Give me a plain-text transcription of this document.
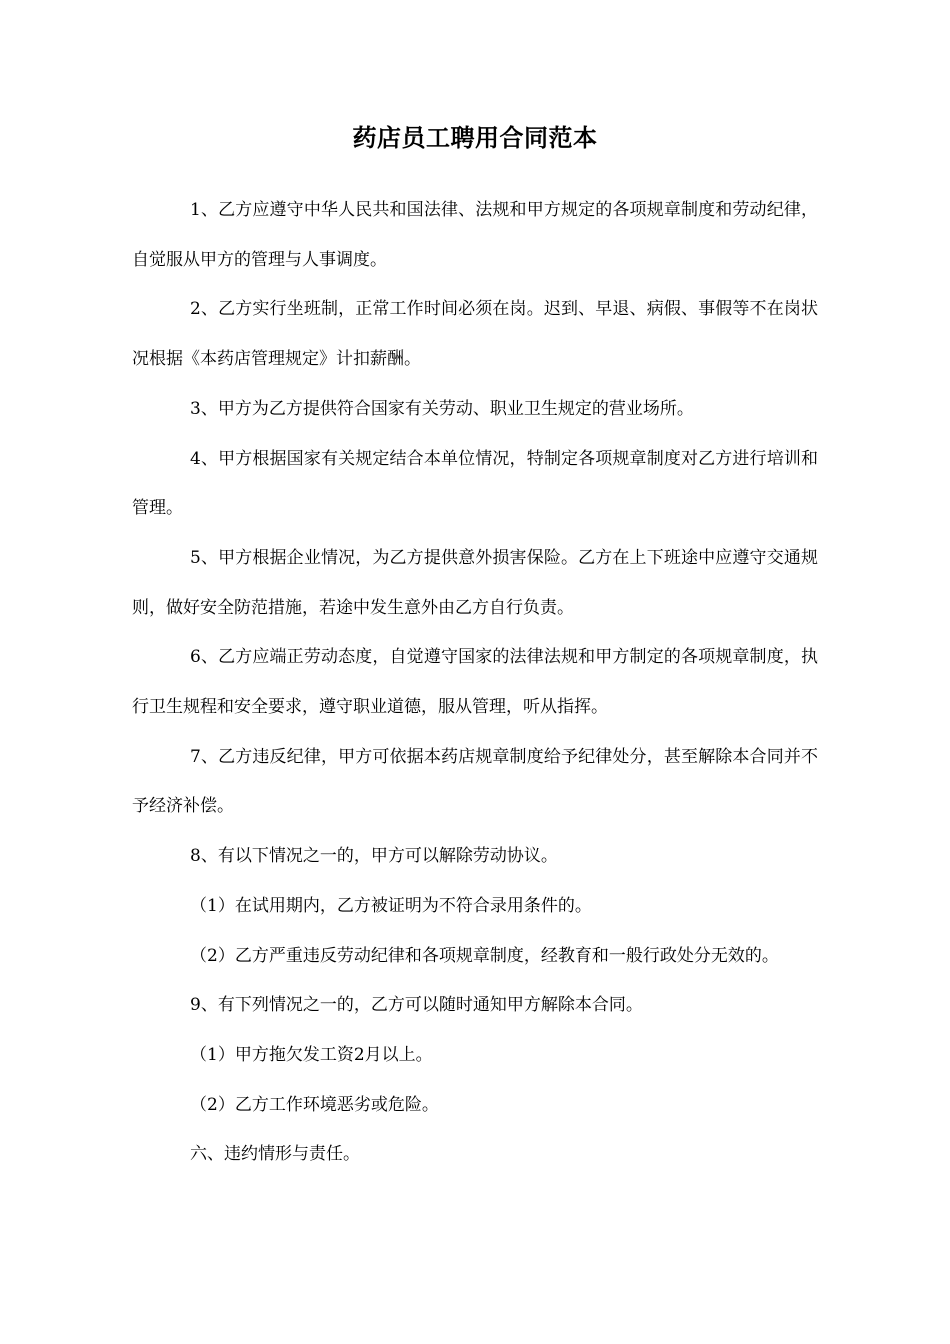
药店员工聘用合同范本

1、乙方应遵守中华人民共和国法律、法规和甲方规定的各项规章制度和劳动纪律，自觉服从甲方的管理与人事调度。

2、乙方实行坐班制，正常工作时间必须在岗。迟到、早退、病假、事假等不在岗状况根据《本药店管理规定》计扣薪酬。

3、甲方为乙方提供符合国家有关劳动、职业卫生规定的营业场所。

4、甲方根据国家有关规定结合本单位情况，特制定各项规章制度对乙方进行培训和管理。

5、甲方根据企业情况，为乙方提供意外损害保险。乙方在上下班途中应遵守交通规则，做好安全防范措施，若途中发生意外由乙方自行负责。

6、乙方应端正劳动态度，自觉遵守国家的法律法规和甲方制定的各项规章制度，执行卫生规程和安全要求，遵守职业道德，服从管理，听从指挥。

7、乙方违反纪律，甲方可依据本药店规章制度给予纪律处分，甚至解除本合同并不予经济补偿。

8、有以下情况之一的，甲方可以解除劳动协议。

（1）在试用期内，乙方被证明为不符合录用条件的。

（2）乙方严重违反劳动纪律和各项规章制度，经教育和一般行政处分无效的。

9、有下列情况之一的，乙方可以随时通知甲方解除本合同。

（1）甲方拖欠发工资2月以上。

（2）乙方工作环境恶劣或危险。

六、违约情形与责任。
